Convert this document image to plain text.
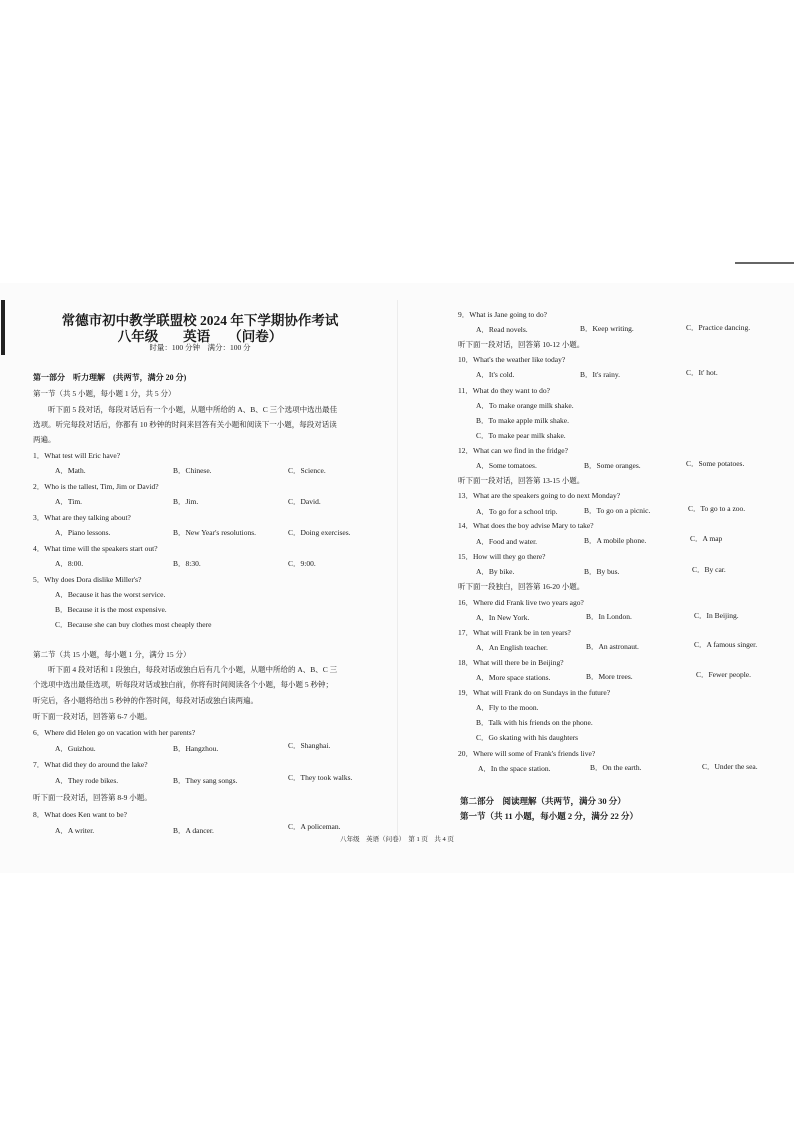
常德市初中教学联盟校 2024 年下学期协作考试
八年级　 英语 　（问卷）
时量：100 分钟　满分：100 分
第一部分　听力理解　(共两节，满分 20 分)
第一节（共 5 小题，每小题 1 分，共 5 分）
听下面 5 段对话，每段对话后有一个小题，从题中所给的 A、B、C 三个选项中选出最佳
选项。听完每段对话后，你都有 10 秒钟的时间来回答有关小题和阅读下一小题，每段对话读
两遍。
1．What test will Eric have?
A．Math.	B．Chinese.	C．Science.
2．Who is the tallest, Tim, Jim or David?
A．Tim.	B．Jim.	C．David.
3．What are they talking about?
A．Piano lessons.	B．New Year's resolutions.	C．Doing exercises.
4．What time will the speakers start out?
A．8:00.	B．8:30.	C．9:00.
5．Why does Dora dislike Miller's?
A．Because it has the worst service.
B．Because it is the most expensive.
C．Because she can buy clothes most cheaply there
第二节（共 15 小题，每小题 1 分，满分 15 分）
听下面 4 段对话和 1 段独白，每段对话或独白后有几个小题，从题中所给的 A、B、C 三
个选项中选出最佳选项，听每段对话或独白前，你将有时间阅读各个小题，每小题 5 秒钟；
听完后，各小题将给出 5 秒钟的作答时间，每段对话或独白读两遍。
听下面一段对话，回答第 6-7 小题。
6．Where did Helen go on vacation with her parents?
A．Guizhou.	B．Hangzhou.	C．Shanghai.
7．What did they do around the lake?
A．They rode bikes.	B．They sang songs.	C．They took walks.
听下面一段对话，回答第 8-9 小题。
8．What does Ken want to be?
A．A writer.	B．A dancer.	C．A policeman.
9．What is Jane going to do?
A．Read novels.	B．Keep writing.	C．Practice dancing.
听下面一段对话，回答第 10-12 小题。
10．What's the weather like today?
A．It's cold.	B．It's rainy.	C．It' hot.
11．What do they want to do?
A．To make orange milk shake.
B．To make apple milk shake.
C．To make pear milk shake.
12．What can we find in the fridge?
A．Some tomatoes.	B．Some oranges.	C．Some potatoes.
听下面一段对话，回答第 13-15 小题。
13．What are the speakers going to do next Monday?
A．To go for a school trip.	B．To go on a picnic.	C．To go to a zoo.
14．What does the boy advise Mary to take?
A．Food and water.	B．A mobile phone.	C．A map
15．How will they go there?
A．By bike.	B．By bus.	C．By car.
听下面一段独白，回答第 16-20 小题。
16．Where did Frank live two years ago?
A．In New York.	B．In London.	C．In Beijing.
17．What will Frank be in ten years?
A．An English teacher.	B．An astronaut.	C．A famous singer.
18．What will there be in Beijing?
A．More space stations.	B．More trees.	C．Fewer people.
19．What will Frank do on Sundays in the future?
A．Fly to the moon.
B．Talk with his friends on the phone.
C．Go skating with his daughters
20．Where will some of Frank's friends live?
A．In the space station.	B．On the earth.	C．Under the sea.
第二部分　阅读理解（共两节，满分 30 分）
第一节（共 11 小题，每小题 2 分，满分 22 分）
八年级　英语（问卷）　第 1 页　共 4 页
